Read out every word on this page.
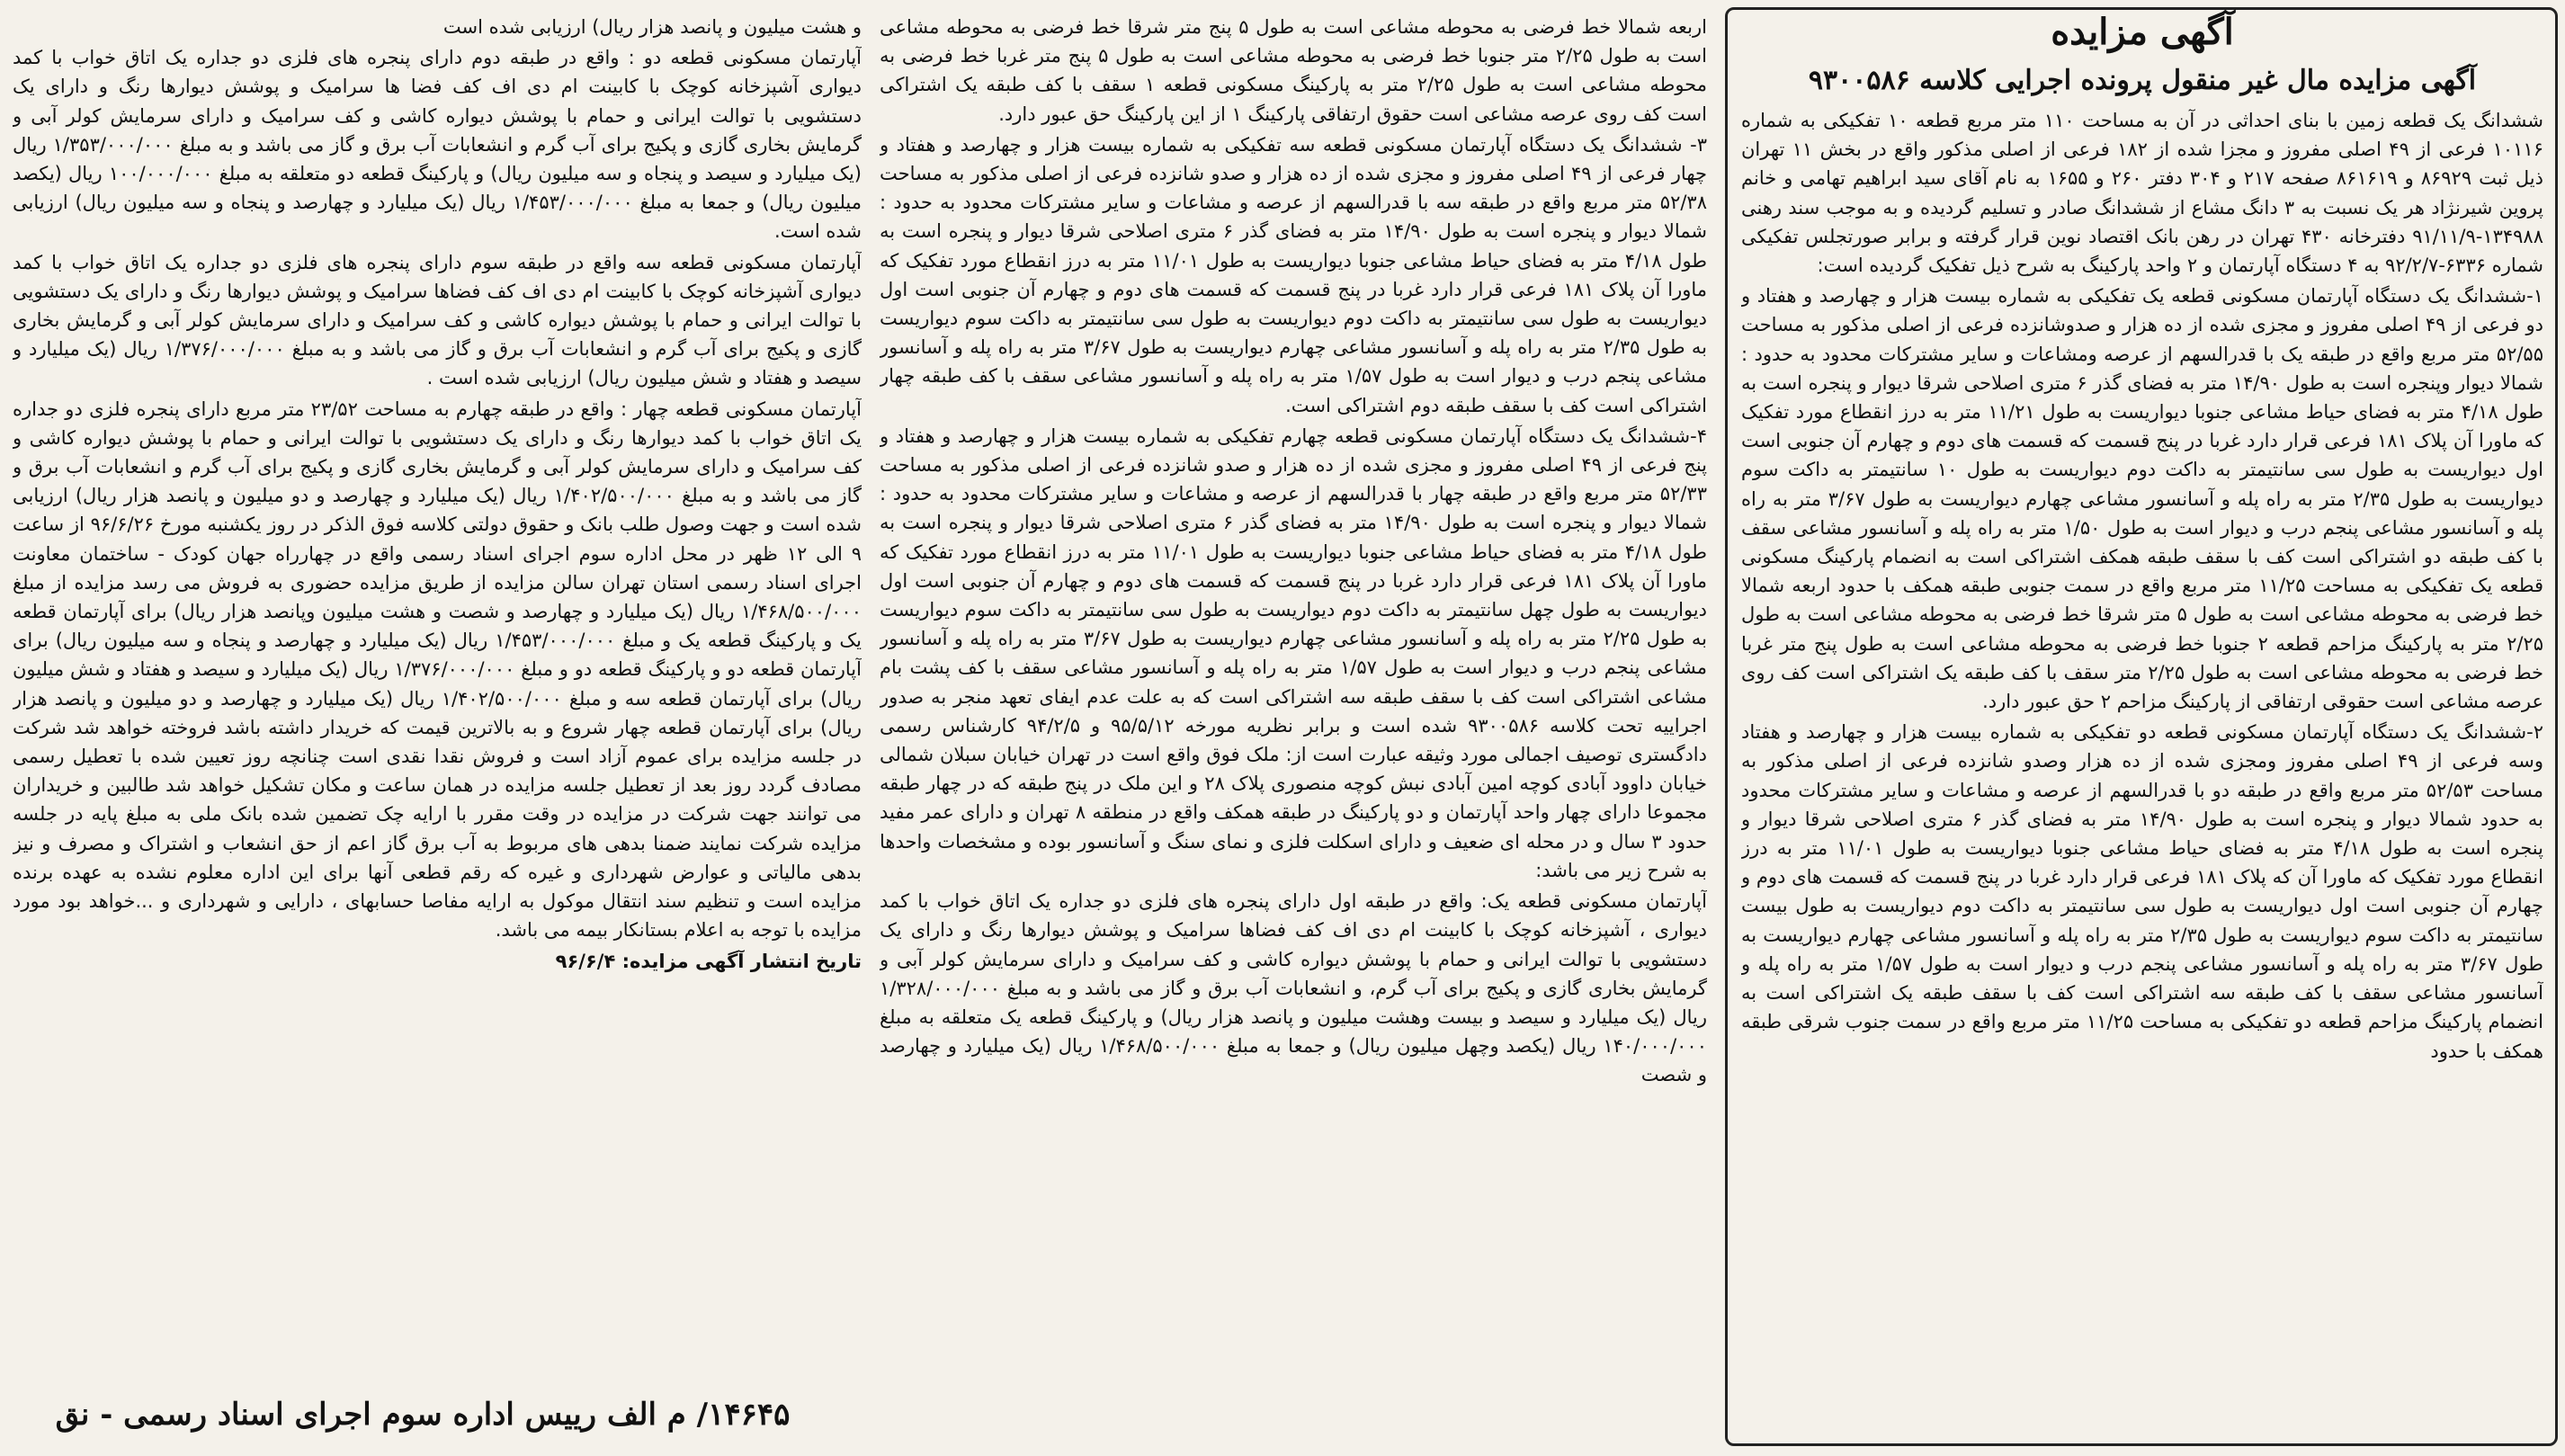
آگهی مزایده

آگهی مزایده مال غیر منقول پرونده اجرایی کلاسه ۹۳۰۰۵۸۶

ششدانگ یک قطعه زمین با بنای احداثی در آن به مساحت ۱۱۰ متر مربع قطعه ۱۰ تفکیکی به شماره ۱۰۱۱۶ فرعی از ۴۹ اصلی مفروز و مجزا شده از ۱۸۲ فرعی از اصلی مذکور واقع در بخش ۱۱ تهران ذیل ثبت ۸۶۹۲۹ و ۸۶۱۶۱۹ صفحه ۲۱۷ و ۳۰۴ دفتر ۲۶۰ و ۱۶۵۵ به نام آقای سید ابراهیم تهامی و خانم پروین شیرنژاد هر یک نسبت به ۳ دانگ مشاع از ششدانگ صادر و تسلیم گردیده و به موجب سند رهنی ۱۳۴۹۸۸-۹۱/۱۱/۹ دفترخانه ۴۳۰ تهران در رهن بانک اقتصاد نوین قرار گرفته و برابر صورتجلس تفکیکی شماره ۶۳۳۶-۹۲/۲/۷ به ۴ دستگاه آپارتمان و ۲ واحد پارکینگ به شرح ذیل تفکیک گردیده است:

۱-ششدانگ یک دستگاه آپارتمان مسکونی قطعه یک تفکیکی به شماره بیست هزار و چهارصد و هفتاد و دو فرعی از ۴۹ اصلی مفروز و مجزی شده از ده هزار و صدوشانزده فرعی از اصلی مذکور به مساحت ۵۲/۵۵ متر مربع واقع در طبقه یک با قدرالسهم از عرصه ومشاعات و سایر مشترکات محدود به حدود : شمالا دیوار وپنجره است به طول ۱۴/۹۰ متر به فضای گذر ۶ متری اصلاحی شرقا دیوار و پنجره است به طول ۴/۱۸ متر به فضای حیاط مشاعی جنوبا دیواریست به طول ۱۱/۲۱ متر به درز انقطاع مورد تفکیک که ماورا آن پلاک ۱۸۱ فرعی قرار دارد غربا در پنج قسمت که قسمت های دوم و چهارم آن جنوبی است اول دیواریست به طول سی سانتیمتر به داکت دوم دیواریست به طول ۱۰ سانتیمتر به داکت سوم دیواریست به طول ۲/۳۵ متر به راه پله و آسانسور مشاعی چهارم دیواریست به طول ۳/۶۷ متر به راه پله و آسانسور مشاعی پنجم درب و دیوار است به طول ۱/۵۰ متر به راه پله و آسانسور مشاعی سقف با کف طبقه دو اشتراکی است کف با سقف طبقه همکف اشتراکی است به انضمام پارکینگ مسکونی قطعه یک تفکیکی به مساحت ۱۱/۲۵ متر مربع واقع در سمت جنوبی طبقه همکف با حدود اربعه شمالا خط فرضی به محوطه مشاعی است به طول ۵ متر شرقا خط فرضی به محوطه مشاعی است به طول ۲/۲۵ متر به پارکینگ مزاحم قطعه ۲ جنوبا خط فرضی به محوطه مشاعی است به طول پنج متر غربا خط فرضی به محوطه مشاعی است به طول ۲/۲۵ متر سقف با کف طبقه یک اشتراکی است کف روی عرصه مشاعی است حقوقی ارتفاقی از پارکینگ مزاحم ۲ حق عبور دارد.

۲-ششدانگ یک دستگاه آپارتمان مسکونی قطعه دو تفکیکی به شماره بیست هزار و چهارصد و هفتاد وسه فرعی از ۴۹ اصلی مفروز ومجزی شده از ده هزار وصدو شانزده فرعی از اصلی مذکور به مساحت ۵۲/۵۳ متر مربع واقع در طبقه دو با قدرالسهم از عرصه و مشاعات و سایر مشترکات محدود به حدود شمالا دیوار و پنجره است به طول ۱۴/۹۰ متر به فضای گذر ۶ متری اصلاحی شرقا دیوار و پنجره است به طول ۴/۱۸ متر به فضای حیاط مشاعی جنوبا دیواریست به طول ۱۱/۰۱ متر به درز انقطاع مورد تفکیک که ماورا آن که پلاک ۱۸۱ فرعی قرار دارد غربا در پنج قسمت که قسمت های دوم و چهارم آن جنوبی است اول دیواریست به طول سی سانتیمتر به داکت دوم دیواریست به طول بیست سانتیمتر به داکت سوم دیواریست به طول ۲/۳۵ متر به راه پله و آسانسور مشاعی چهارم دیواریست به طول ۳/۶۷ متر به راه پله و آسانسور مشاعی پنجم درب و دیوار است به طول ۱/۵۷ متر به راه پله و آسانسور مشاعی سقف با کف طبقه سه اشتراکی است کف با سقف طبقه یک اشتراکی است به انضمام پارکینگ مزاحم قطعه دو تفکیکی به مساحت ۱۱/۲۵ متر مربع واقع در سمت جنوب شرقی طبقه همکف با حدود

اربعه شمالا خط فرضی به محوطه مشاعی است به طول ۵ پنج متر شرقا خط فرضی به محوطه مشاعی است به طول ۲/۲۵ متر جنوبا خط فرضی به محوطه مشاعی است به طول ۵ پنج متر غربا خط فرضی به محوطه مشاعی است به طول ۲/۲۵ متر به پارکینگ مسکونی قطعه ۱ سقف با کف طبقه یک اشتراکی است کف روی عرصه مشاعی است حقوق ارتفاقی پارکینگ ۱ از این پارکینگ حق عبور دارد.

۳- ششدانگ یک دستگاه آپارتمان مسکونی قطعه سه تفکیکی به شماره بیست هزار و چهارصد و هفتاد و چهار فرعی از ۴۹ اصلی مفروز و مجزی شده از ده هزار و صدو شانزده فرعی از اصلی مذکور به مساحت ۵۲/۳۸ متر مربع واقع در طبقه سه با قدرالسهم از عرصه و مشاعات و سایر مشترکات محدود به حدود : شمالا دیوار و پنجره است به طول ۱۴/۹۰ متر به فضای گذر ۶ متری اصلاحی شرقا دیوار و پنجره است به طول ۴/۱۸ متر به فضای حیاط مشاعی جنوبا دیواریست به طول ۱۱/۰۱ متر به درز انقطاع مورد تفکیک که ماورا آن پلاک ۱۸۱ فرعی قرار دارد غربا در پنج قسمت که قسمت های دوم و چهارم آن جنوبی است اول دیواریست به طول سی سانتیمتر به داکت دوم دیواریست به طول سی سانتیمتر به داکت سوم دیواریست به طول ۲/۳۵ متر به راه پله و آسانسور مشاعی چهارم دیواریست به طول ۳/۶۷ متر به راه پله و آسانسور مشاعی پنجم درب و دیوار است به طول ۱/۵۷ متر به راه پله و آسانسور مشاعی سقف با کف طبقه چهار اشتراکی است کف با سقف طبقه دوم اشتراکی است.

۴-ششدانگ یک دستگاه آپارتمان مسکونی قطعه چهارم تفکیکی به شماره بیست هزار و چهارصد و هفتاد و پنج فرعی از ۴۹ اصلی مفروز و مجزی شده از ده هزار و صدو شانزده فرعی از اصلی مذکور به مساحت ۵۲/۳۳ متر مربع واقع در طبقه چهار با قدرالسهم از عرصه و مشاعات و سایر مشترکات محدود به حدود : شمالا دیوار و پنجره است به طول ۱۴/۹۰ متر به فضای گذر ۶ متری اصلاحی شرقا دیوار و پنجره است به طول ۴/۱۸ متر به فضای حیاط مشاعی جنوبا دیواریست به طول ۱۱/۰۱ متر به درز انقطاع مورد تفکیک که ماورا آن پلاک ۱۸۱ فرعی قرار دارد غربا در پنج قسمت که قسمت های دوم و چهارم آن جنوبی است اول دیواریست به طول چهل سانتیمتر به داکت دوم دیواریست به طول سی سانتیمتر به داکت سوم دیواریست به طول ۲/۲۵ متر به راه پله و آسانسور مشاعی چهارم دیواریست به طول ۳/۶۷ متر به راه پله و آسانسور مشاعی پنجم درب و دیوار است به طول ۱/۵۷ متر به راه پله و آسانسور مشاعی سقف با کف پشت بام مشاعی اشتراکی است کف با سقف طبقه سه اشتراکی است که به علت عدم ایفای تعهد منجر به صدور اجراییه تحت کلاسه ۹۳۰۰۵۸۶ شده است و برابر نظریه مورخه ۹۵/۵/۱۲ و ۹۴/۲/۵ کارشناس رسمی دادگستری توصیف اجمالی مورد وثیقه عبارت است از: ملک فوق واقع است در تهران خیابان سبلان شمالی خیابان داوود آبادی کوچه امین آبادی نبش کوچه منصوری پلاک ۲۸ و این ملک در پنج طبقه که در چهار طبقه مجموعا دارای چهار واحد آپارتمان و دو پارکینگ در طبقه همکف واقع در منطقه ۸ تهران و دارای عمر مفید حدود ۳ سال و در محله ای ضعیف و دارای اسکلت فلزی و نمای سنگ و آسانسور بوده و مشخصات واحدها به شرح زیر می باشد:

آپارتمان مسکونی قطعه یک: واقع در طبقه اول دارای پنجره های فلزی دو جداره یک اتاق خواب با کمد دیواری ، آشپزخانه کوچک با کابینت ام دی اف کف فضاها سرامیک و پوشش دیوارها رنگ و دارای یک دستشویی با توالت ایرانی و حمام با پوشش دیواره کاشی و کف سرامیک و دارای سرمایش کولر آبی و گرمایش بخاری گازی و پکیج برای آب گرم، و انشعابات آب برق و گاز می باشد و به مبلغ ۱/۳۲۸/۰۰۰/۰۰۰ ریال (یک میلیارد و سیصد و بیست وهشت میلیون و پانصد هزار ریال) و پارکینگ قطعه یک متعلقه به مبلغ ۱۴۰/۰۰۰/۰۰۰ ریال (یکصد وچهل میلیون ریال) و جمعا به مبلغ ۱/۴۶۸/۵۰۰/۰۰۰ ریال (یک میلیارد و چهارصد و شصت

و هشت میلیون و پانصد هزار ریال) ارزیابی شده است

آپارتمان مسکونی قطعه دو : واقع در طبقه دوم دارای پنجره های فلزی دو جداره یک اتاق خواب با کمد دیواری آشپزخانه کوچک با کابینت ام دی اف کف فضا ها سرامیک و پوشش دیوارها رنگ و دارای یک دستشویی با توالت ایرانی و حمام با پوشش دیواره کاشی و کف سرامیک و دارای سرمایش کولر آبی و گرمایش بخاری گازی و پکیج برای آب گرم و انشعابات آب برق و گاز می باشد و به مبلغ ۱/۳۵۳/۰۰۰/۰۰۰ ریال (یک میلیارد و سیصد و پنجاه و سه میلیون ریال) و پارکینگ قطعه دو متعلقه به مبلغ ۱۰۰/۰۰۰/۰۰۰ ریال (یکصد میلیون ریال) و جمعا به مبلغ ۱/۴۵۳/۰۰۰/۰۰۰ ریال (یک میلیارد و چهارصد و پنجاه و سه میلیون ریال) ارزیابی شده است.

آپارتمان مسکونی قطعه سه واقع در طبقه سوم دارای پنجره های فلزی دو جداره یک اتاق خواب با کمد دیواری آشپزخانه کوچک با کابینت ام دی اف کف فضاها سرامیک و پوشش دیوارها رنگ و دارای یک دستشویی با توالت ایرانی و حمام با پوشش دیواره کاشی و کف سرامیک و دارای سرمایش کولر آبی و گرمایش بخاری گازی و پکیج برای آب گرم و انشعابات آب برق و گاز می باشد و به مبلغ ۱/۳۷۶/۰۰۰/۰۰۰ ریال (یک میلیارد و سیصد و هفتاد و شش میلیون ریال) ارزیابی شده است .

آپارتمان مسکونی قطعه چهار : واقع در طبقه چهارم به مساحت ۲۳/۵۲ متر مربع دارای پنجره فلزی دو جداره یک اتاق خواب با کمد دیوارها رنگ و دارای یک دستشویی با توالت ایرانی و حمام با پوشش دیواره کاشی و کف سرامیک و دارای سرمایش کولر آبی و گرمایش بخاری گازی و پکیج برای آب گرم و انشعابات آب برق و گاز می باشد و به مبلغ ۱/۴۰۲/۵۰۰/۰۰۰ ریال (یک میلیارد و چهارصد و دو میلیون و پانصد هزار ریال) ارزیابی شده است و جهت وصول طلب بانک و حقوق دولتی کلاسه فوق الذکر در روز یکشنبه مورخ ۹۶/۶/۲۶ از ساعت ۹ الی ۱۲ ظهر در محل اداره سوم اجرای اسناد رسمی واقع در چهارراه جهان کودک - ساختمان معاونت اجرای اسناد رسمی استان تهران سالن مزایده از طریق مزایده حضوری به فروش می رسد مزایده از مبلغ ۱/۴۶۸/۵۰۰/۰۰۰ ریال (یک میلیارد و چهارصد و شصت و هشت میلیون وپانصد هزار ریال) برای آپارتمان قطعه یک و پارکینگ قطعه یک و مبلغ ۱/۴۵۳/۰۰۰/۰۰۰ ریال (یک میلیارد و چهارصد و پنجاه و سه میلیون ریال) برای آپارتمان قطعه دو و پارکینگ قطعه دو و مبلغ ۱/۳۷۶/۰۰۰/۰۰۰ ریال (یک میلیارد و سیصد و هفتاد و شش میلیون ریال) برای آپارتمان قطعه سه و مبلغ ۱/۴۰۲/۵۰۰/۰۰۰ ریال (یک میلیارد و چهارصد و دو میلیون و پانصد هزار ریال) برای آپارتمان قطعه چهار شروع و به بالاترین قیمت که خریدار داشته باشد فروخته خواهد شد شرکت در جلسه مزایده برای عموم آزاد است و فروش نقدا نقدی است چنانچه روز تعیین شده با تعطیل رسمی مصادف گردد روز بعد از تعطیل جلسه مزایده در همان ساعت و مکان تشکیل خواهد شد طالبین و خریداران می توانند جهت شرکت در مزایده در وقت مقرر با ارایه چک تضمین شده بانک ملی به مبلغ پایه در جلسه مزایده شرکت نمایند ضمنا بدهی های مربوط به آب برق گاز اعم از حق انشعاب و اشتراک و مصرف و نیز بدهی مالیاتی و عوارض شهرداری و غیره که رقم قطعی آنها برای این اداره معلوم نشده به عهده برنده مزایده است و تنظیم سند انتقال موکول به ارایه مفاصا حسابهای ، دارایی و شهرداری و ...خواهد بود مورد مزایده با توجه به اعلام بستانکار بیمه می باشد.

تاریخ انتشار آگهی مزایده: ۹۶/۶/۴

۱۴۶۴۵/ م الف رییس اداره سوم اجرای اسناد رسمی - نق
